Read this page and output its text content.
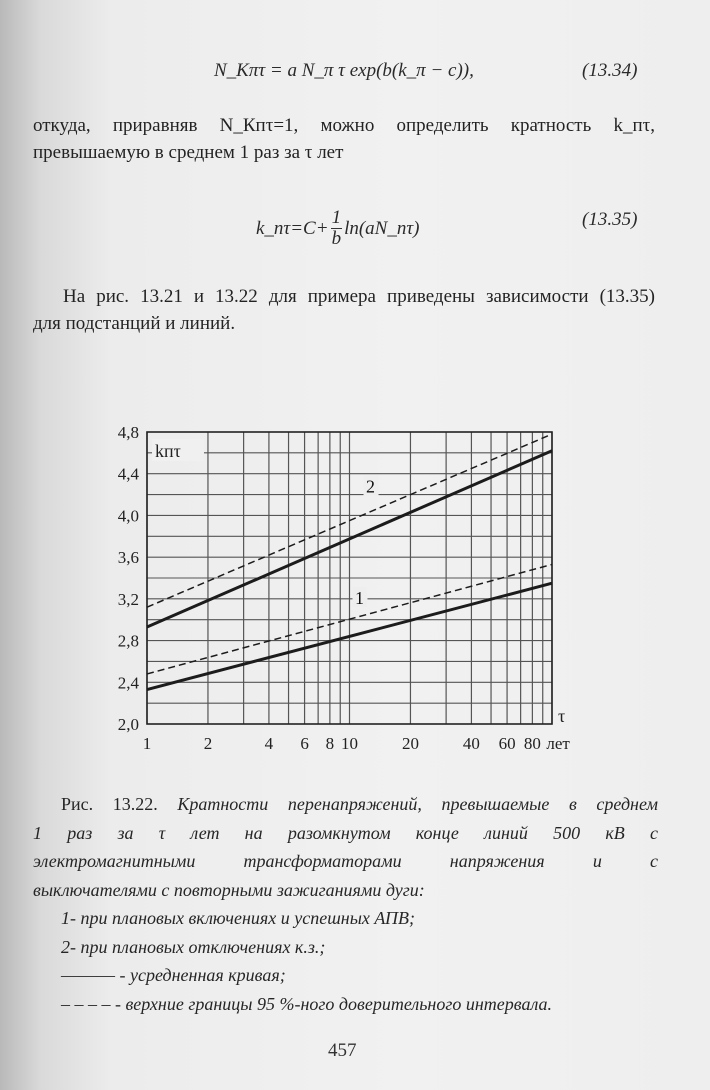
N_Kπτ = a N_π τ exp(b(k_π − c)),	(13.34)
откуда, приравняв N_Кпτ=1, можно определить кратность k_пτ,
превышаемую в среднем 1 раз за τ лет
k_пτ=C+ $\frac{1}{b}$ ln(aN_пτ)	(13.35)
На рис. 13.21 и 13.22 для примера приведены зависимости (13.35)
для подстанций и линий.
2,0
2,4
2,8
3,2
3,6
4,0
4,4
4,8
1	2	4 6 8 10	20	40 60 80 лет
kпτ
τ
2
1
Рис. 13.22. Кратности перенапряжений, превышаемые в среднем
1 раз за τ лет на разомкнутом конце линий 500 кВ с
электромагнитными трансформаторами напряжения и с
выключателями с повторными зажиганиями дуги:
1- при плановых включениях и успешных АПВ;
2- при плановых отключениях к.з.;
——— - усредненная кривая;
– – – – - верхние границы 95 %-ного доверительного интервала.
457
